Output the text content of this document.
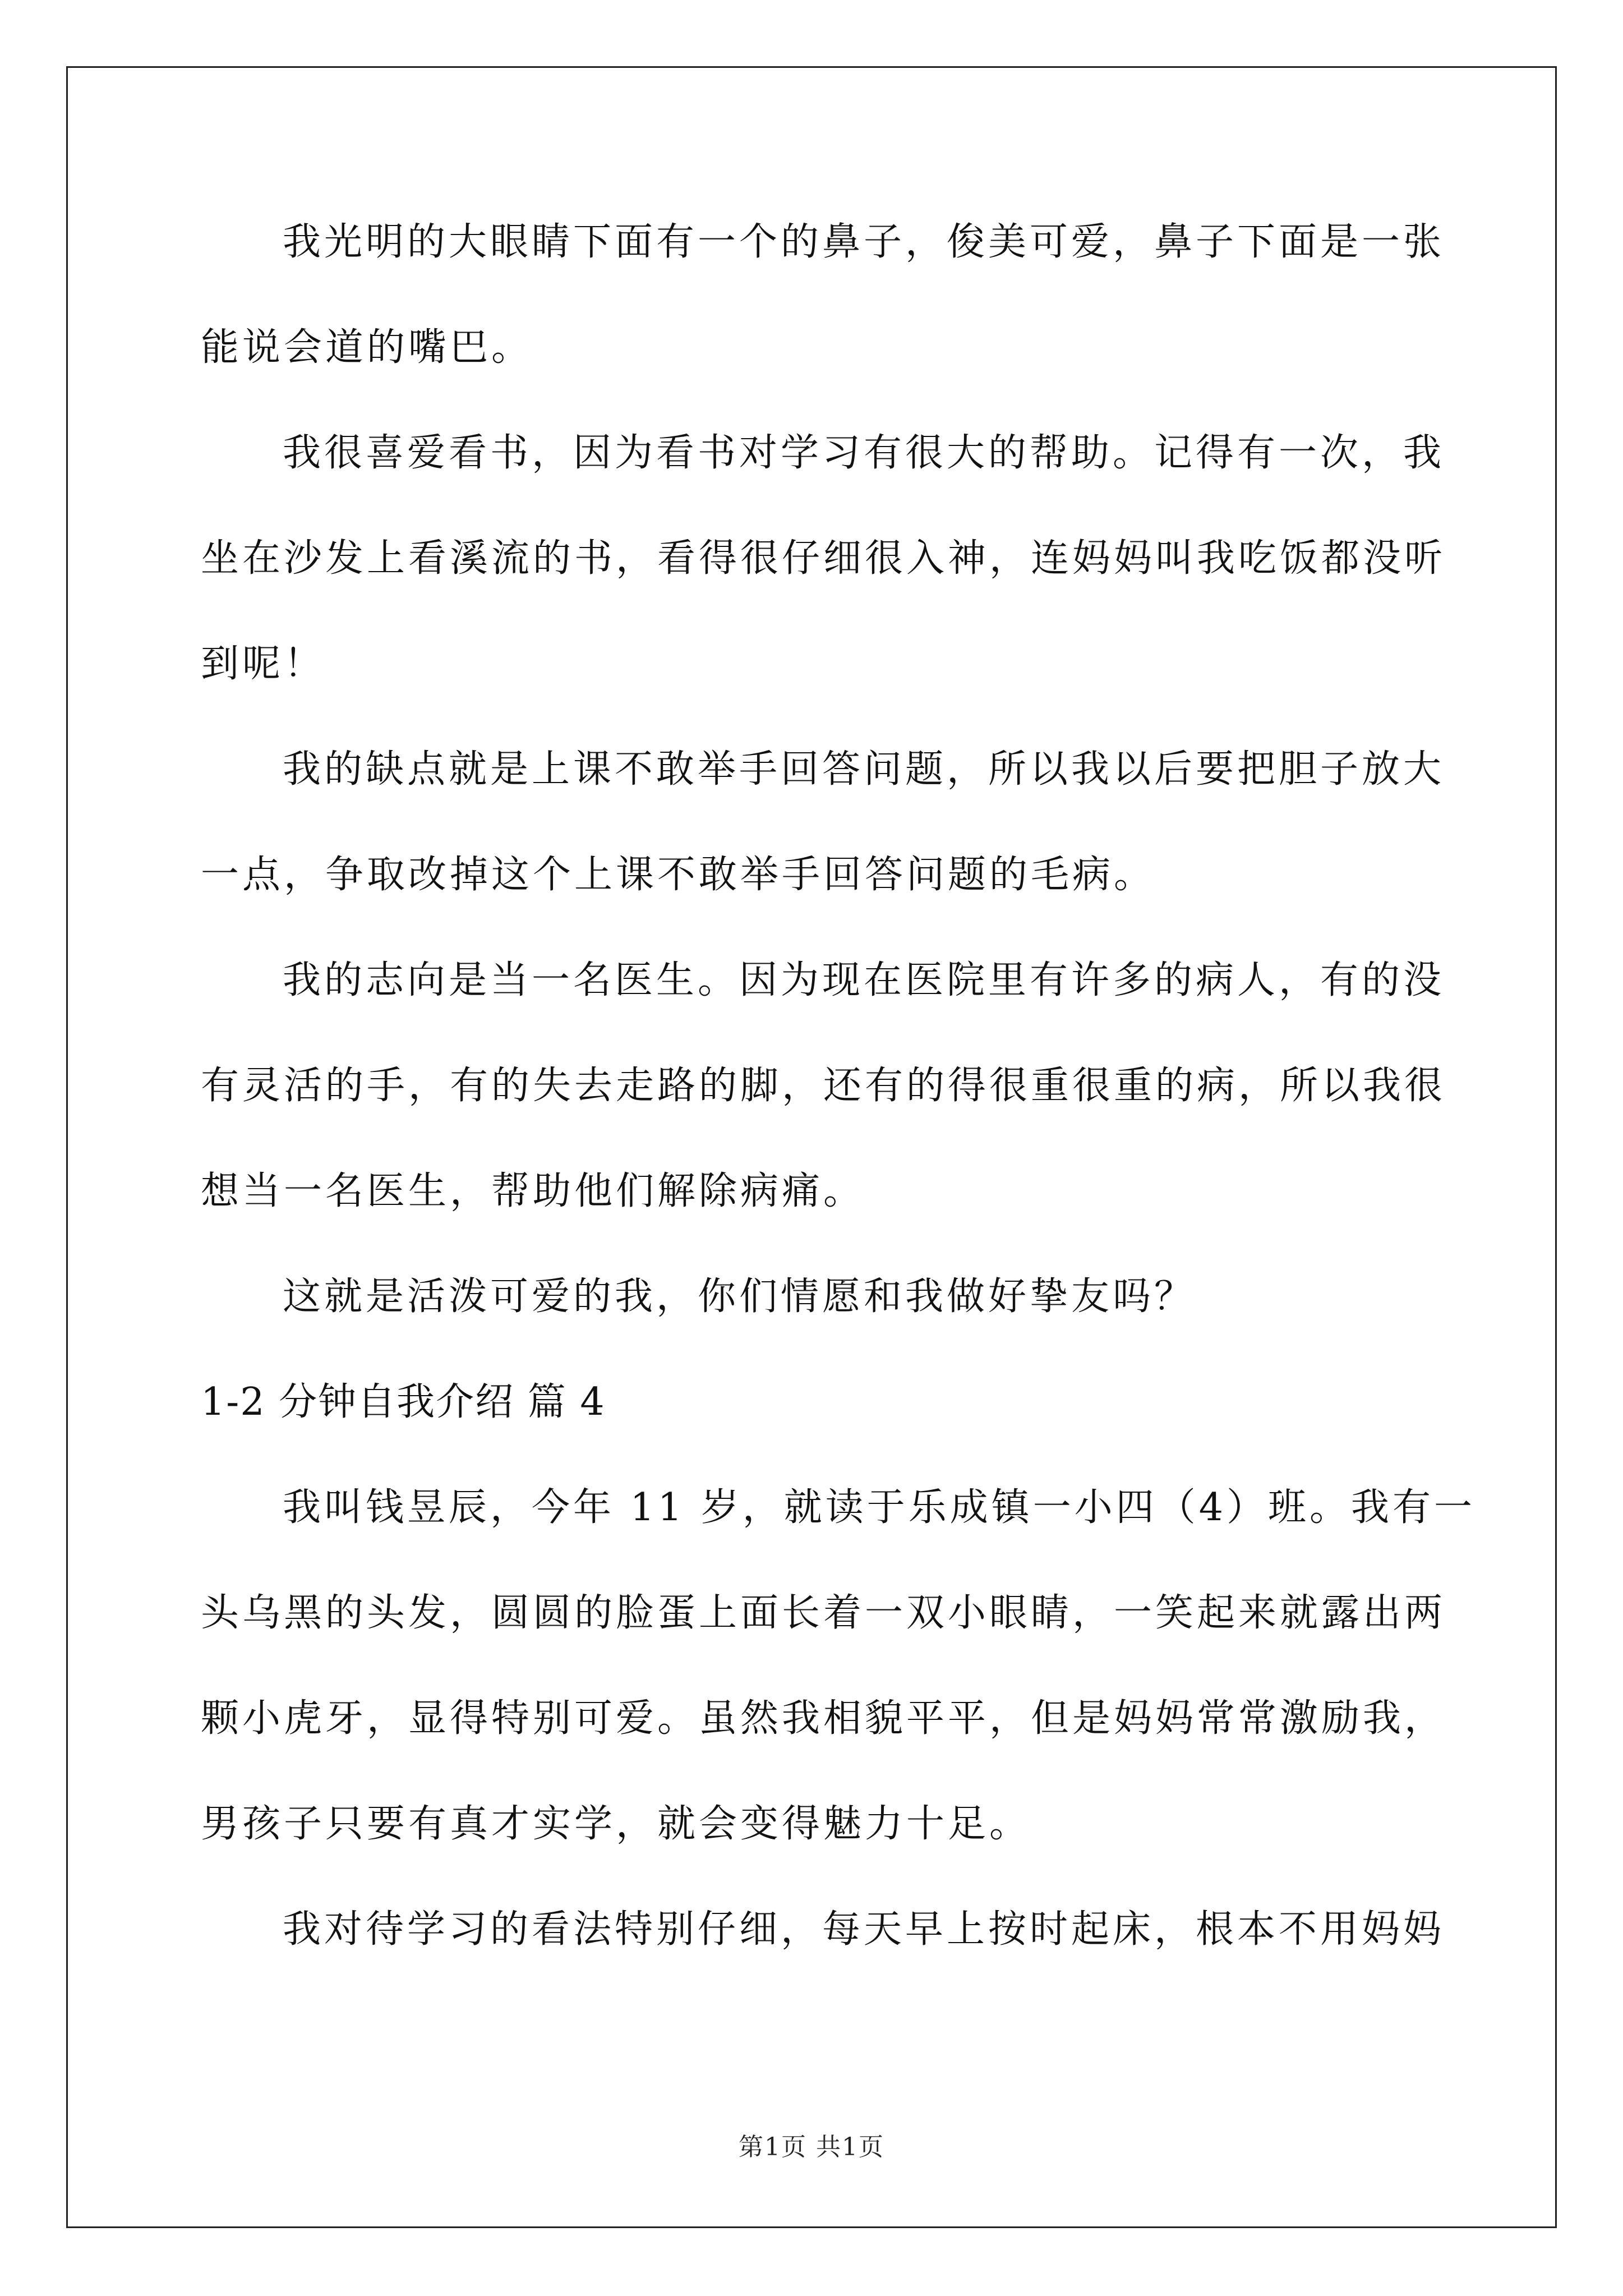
我光明的大眼睛下面有一个的鼻子，俊美可爱，鼻子下面是一张
能说会道的嘴巴。
我很喜爱看书，因为看书对学习有很大的帮助。记得有一次，我
坐在沙发上看溪流的书，看得很仔细很入神，连妈妈叫我吃饭都没听
到呢！
我的缺点就是上课不敢举手回答问题，所以我以后要把胆子放大
一点，争取改掉这个上课不敢举手回答问题的毛病。
我的志向是当一名医生。因为现在医院里有许多的病人，有的没
有灵活的手，有的失去走路的脚，还有的得很重很重的病，所以我很
想当一名医生，帮助他们解除病痛。
这就是活泼可爱的我，你们情愿和我做好挚友吗？
1-2 分钟自我介绍 篇 4
我叫钱昱辰，今年 11 岁，就读于乐成镇一小四（4）班。我有一
头乌黑的头发，圆圆的脸蛋上面长着一双小眼睛，一笑起来就露出两
颗小虎牙，显得特别可爱。虽然我相貌平平，但是妈妈常常激励我，
男孩子只要有真才实学，就会变得魅力十足。
我对待学习的看法特别仔细，每天早上按时起床，根本不用妈妈
第1页 共1页
